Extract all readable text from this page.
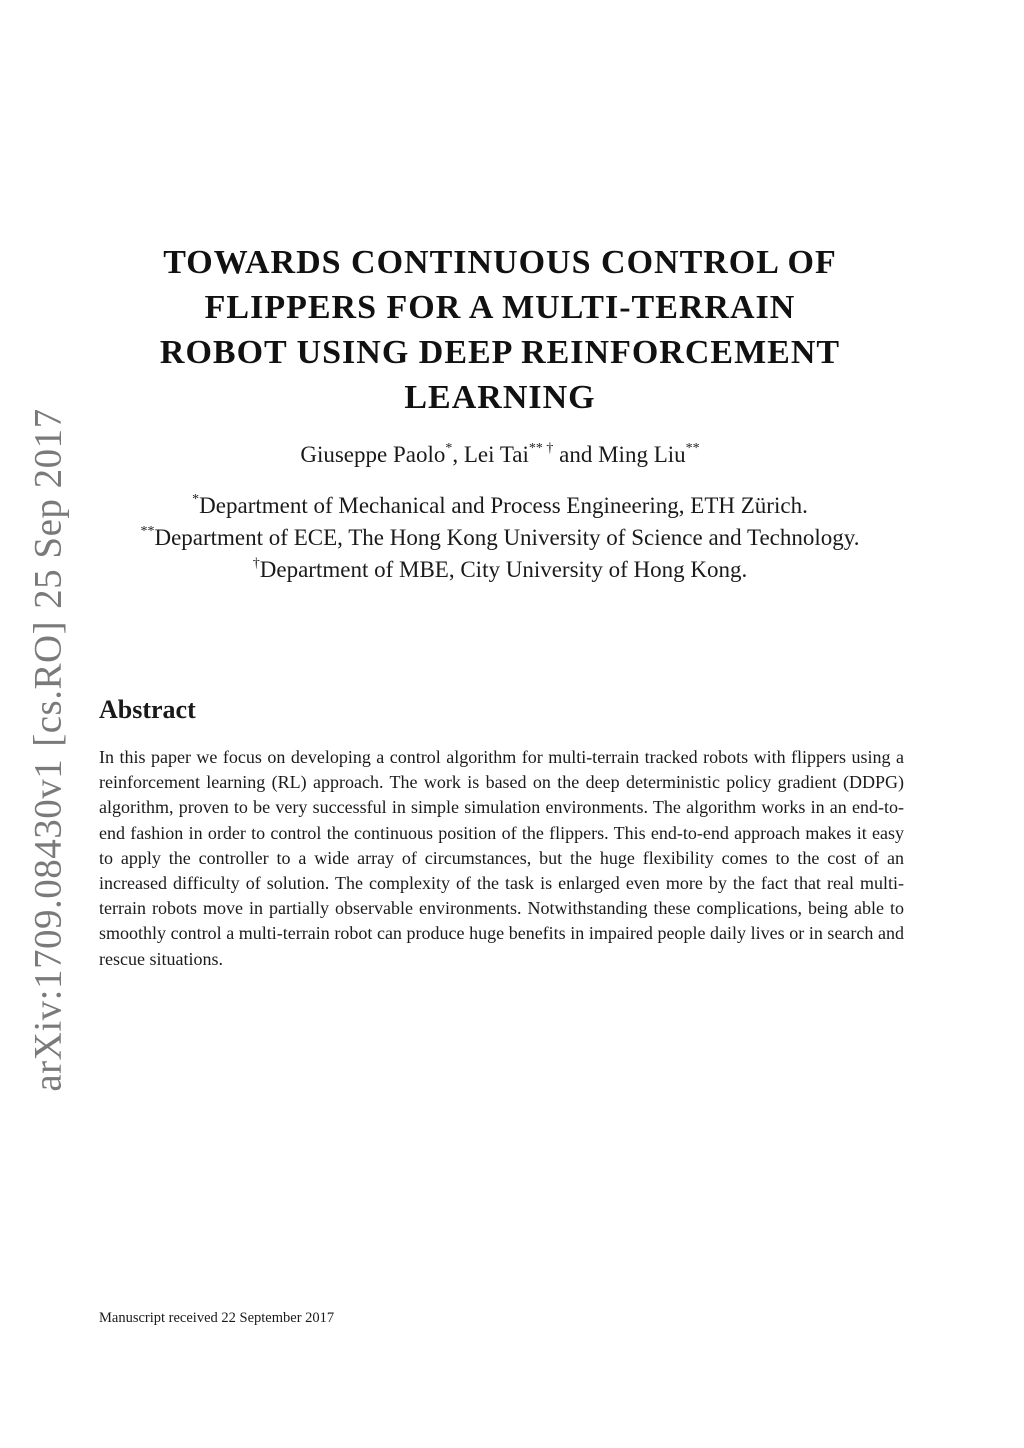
arXiv:1709.08430v1[cs.RO]25 Sep 2017
TOWARDS CONTINUOUS CONTROL OF
FLIPPERS FOR A MULTI-TERRAIN
ROBOT USING DEEP REINFORCEMENT
LEARNING
Giuseppe Paolo*, Lei Tai** † and Ming Liu**
*Department of Mechanical and Process Engineering, ETH Zürich.
**Department of ECE, The Hong Kong University of Science and Technology.
†Department of MBE, City University of Hong Kong.
Abstract

In this paper we focus on developing a control algorithm for multi-terrain tracked robots with flippers using a reinforcement learning (RL) approach. The work is based on the deep deterministic policy gradient (DDPG) algorithm, proven to be very successful in simple simulation environments. The algorithm works in an end-to-end fashion in order to control the continuous position of the flippers. This end-to-end approach makes it easy to apply the controller to a wide array of circumstances, but the huge flexibility comes to the cost of an increased difficulty of solution. The complexity of the task is enlarged even more by the fact that real multi-terrain robots move in partially observable environments. Notwithstanding these complications, being able to smoothly control a multi-terrain robot can produce huge benefits in impaired people daily lives or in search and rescue situations.

Manuscript received 22 September 2017
